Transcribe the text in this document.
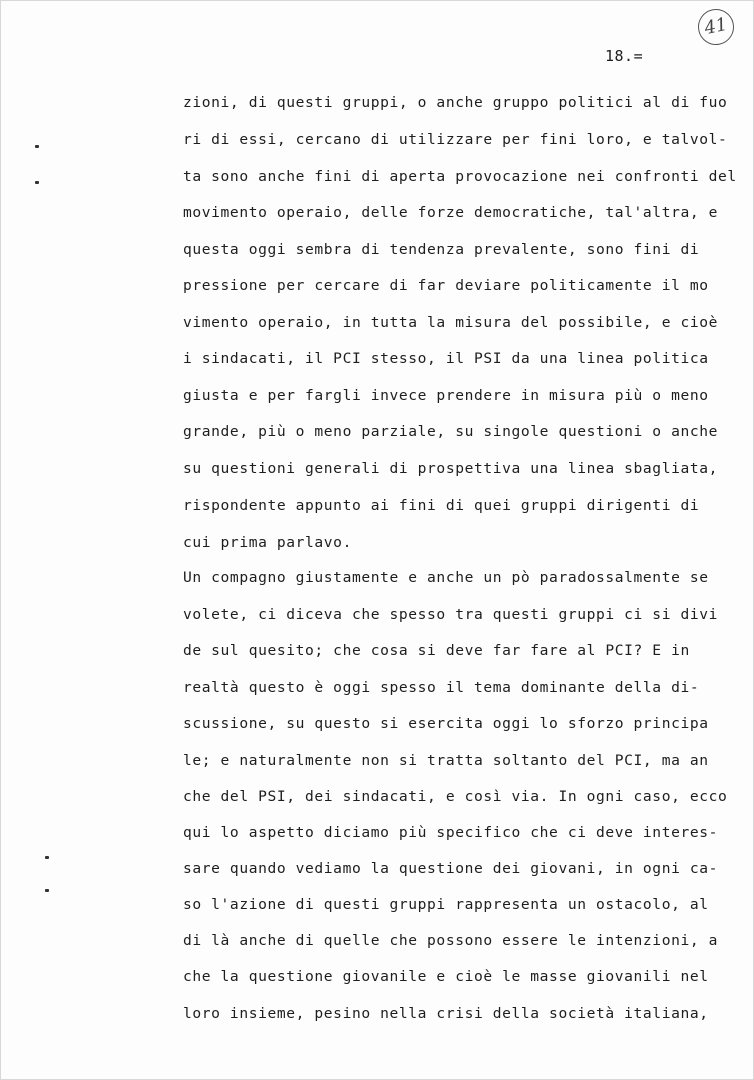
41
18.=
zioni, di questi gruppi, o anche gruppo politici al di fuo
ri di essi, cercano di utilizzare per fini loro, e talvol-
ta sono anche fini di aperta provocazione nei confronti del
movimento operaio, delle forze democratiche, tal'altra, e
questa oggi sembra di tendenza prevalente, sono fini di
pressione per cercare di far deviare politicamente il mo
vimento operaio, in tutta la misura del possibile, e cioè
i sindacati, il PCI stesso, il PSI da una linea politica
giusta e per fargli invece prendere in misura più o meno
grande, più o meno parziale, su singole questioni o anche
su questioni generali di prospettiva una linea sbagliata,
rispondente appunto ai fini di quei gruppi dirigenti di
cui prima parlavo.
Un compagno giustamente e anche un pò paradossalmente se
volete, ci diceva che spesso tra questi gruppi ci si divi
de sul quesito; che cosa si deve far fare al PCI? E in
realtà questo è oggi spesso il tema dominante della di-
scussione, su questo si esercita oggi lo sforzo principa
le; e naturalmente non si tratta soltanto del PCI, ma an
che del PSI, dei sindacati, e così via. In ogni caso, ecco
qui lo aspetto diciamo più specifico che ci deve interes-
sare quando vediamo la questione dei giovani, in ogni ca-
so l'azione di questi gruppi rappresenta un ostacolo, al
di là anche di quelle che possono essere le intenzioni, a
che la questione giovanile e cioè le masse giovanili nel
loro insieme, pesino nella crisi della società italiana,
